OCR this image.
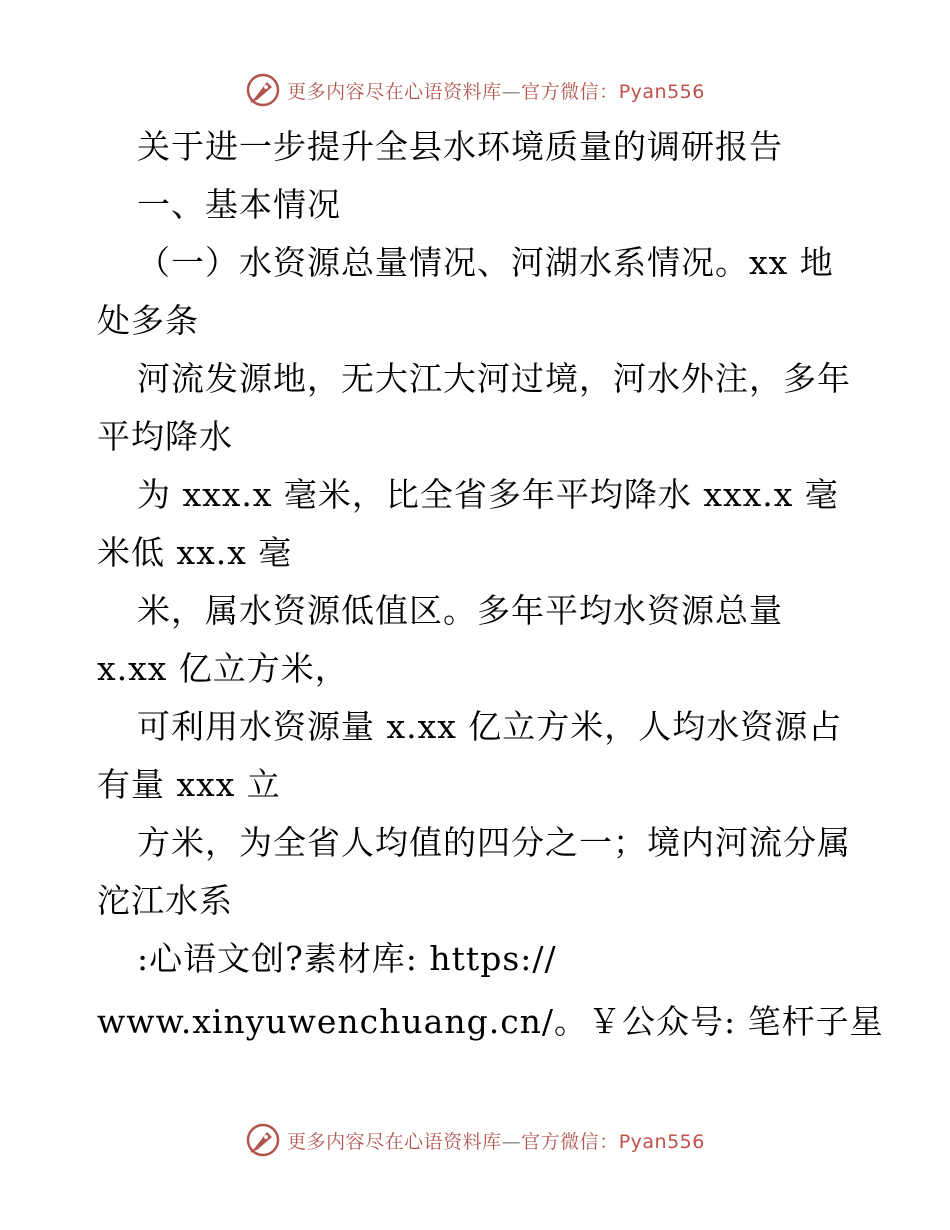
更多内容尽在心语资料库—官方微信：Pyan556
关于进一步提升全县水环境质量的调研报告
一、基本情况
（一）水资源总量情况、河湖水系情况。xx 地
处多条
河流发源地，无大江大河过境，河水外注，多年
平均降水
为 xxx.x 毫米，比全省多年平均降水 xxx.x 毫
米低 xx.x 毫
米，属水资源低值区。多年平均水资源总量
x.xx 亿立方米，
可利用水资源量 x.xx 亿立方米，人均水资源占
有量 xxx 立
方米，为全省人均值的四分之一；境内河流分属
沱江水系
:心语文创?素材库: https://
www.xinyuwenchuang.cn/。￥公众号: 笔杆子星
更多内容尽在心语资料库—官方微信：Pyan556
